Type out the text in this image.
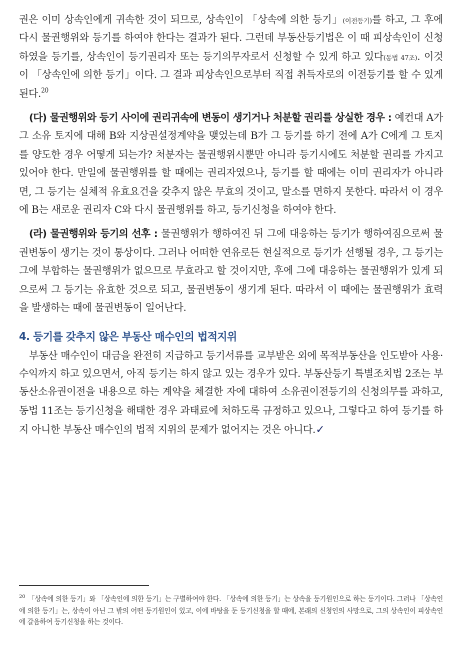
권은 이미 상속인에게 귀속한 것이 되므로, 상속인이 「상속에 의한 등기」(이전등기)를 하고, 그 후에 다시 물권행위와 등기를 하여야 한다는 결과가 된다. 그런데 부동산등기법은 이 때 피상속인이 신청하였을 등기를, 상속인이 등기권리자 또는 등기의무자로서 신청할 수 있게 하고 있다(동법 47조). 이것이 「상속인에 의한 등기」이다. 그 결과 피상속인으로부터 직접 취득자로의 이전등기를 할 수 있게 된다.$^{20}$

(다) 물권행위와 등기 사이에 권리귀속에 변동이 생기거나 처분할 권리를 상실한 경우 : 예컨대 A가 그 소유 토지에 대해 B와 지상권설정계약을 맺었는데 B가 그 등기를 하기 전에 A가 C에게 그 토지를 양도한 경우 어떻게 되는가? 처분자는 물권행위시뿐만 아니라 등기시에도 처분할 권리를 가지고 있어야 한다. 만일에 물권행위를 할 때에는 권리자였으나, 등기를 할 때에는 이미 권리자가 아니라면, 그 등기는 실체적 유효요건을 갖추지 않은 무효의 것이고, 말소를 면하지 못한다. 따라서 이 경우에 B는 새로운 권리자 C와 다시 물권행위를 하고, 등기신청을 하여야 한다.

(라) 물권행위와 등기의 선후 : 물권행위가 행하여진 뒤 그에 대응하는 등기가 행하여짐으로써 물권변동이 생기는 것이 통상이다. 그러나 어떠한 연유로든 현실적으로 등기가 선행될 경우, 그 등기는 그에 부합하는 물권행위가 없으므로 무효라고 할 것이지만, 후에 그에 대응하는 물권행위가 있게 되으로써 그 등기는 유효한 것으로 되고, 물권변동이 생기게 된다. 따라서 이 때에는 물권행위가 효력을 발생하는 때에 물권변동이 일어난다.

4. 등기를 갖추지 않은 부동산 매수인의 법적지위

부동산 매수인이 대금을 완전히 지급하고 등기서류를 교부받은 외에 목적부동산을 인도받아 사용·수익까지 하고 있으면서, 아직 등기는 하지 않고 있는 경우가 있다. 부동산등기 특별조치법 2조는 부동산소유권이전을 내용으로 하는 계약을 체결한 자에 대하여 소유권이전등기의 신청의무를 과하고, 동법 11조는 등기신청을 해태한 경우 과태료에 처하도록 규정하고 있으나, 그렇다고 하여 등기를 하지 아니한 부동산 매수인의 법적 지위의 문제가 없어지는 것은 아니다.✓

$^{20}$ 「상속에 의한 등기」와 「상속인에 의한 등기」는 구별하여야 한다. 「상속에 의한 등기」는 상속을 등기원인으로 하는 등기이다. 그러나 「상속인에 의한 등기」는, 상속이 아닌 그 밖의 어떤 등기원인이 있고, 이에 바탕을 둔 등기신청을 할 때에, 본래의 신청인의 사망으로, 그의 상속인이 피상속인에 갈음하여 등기신청을 하는 것이다.
